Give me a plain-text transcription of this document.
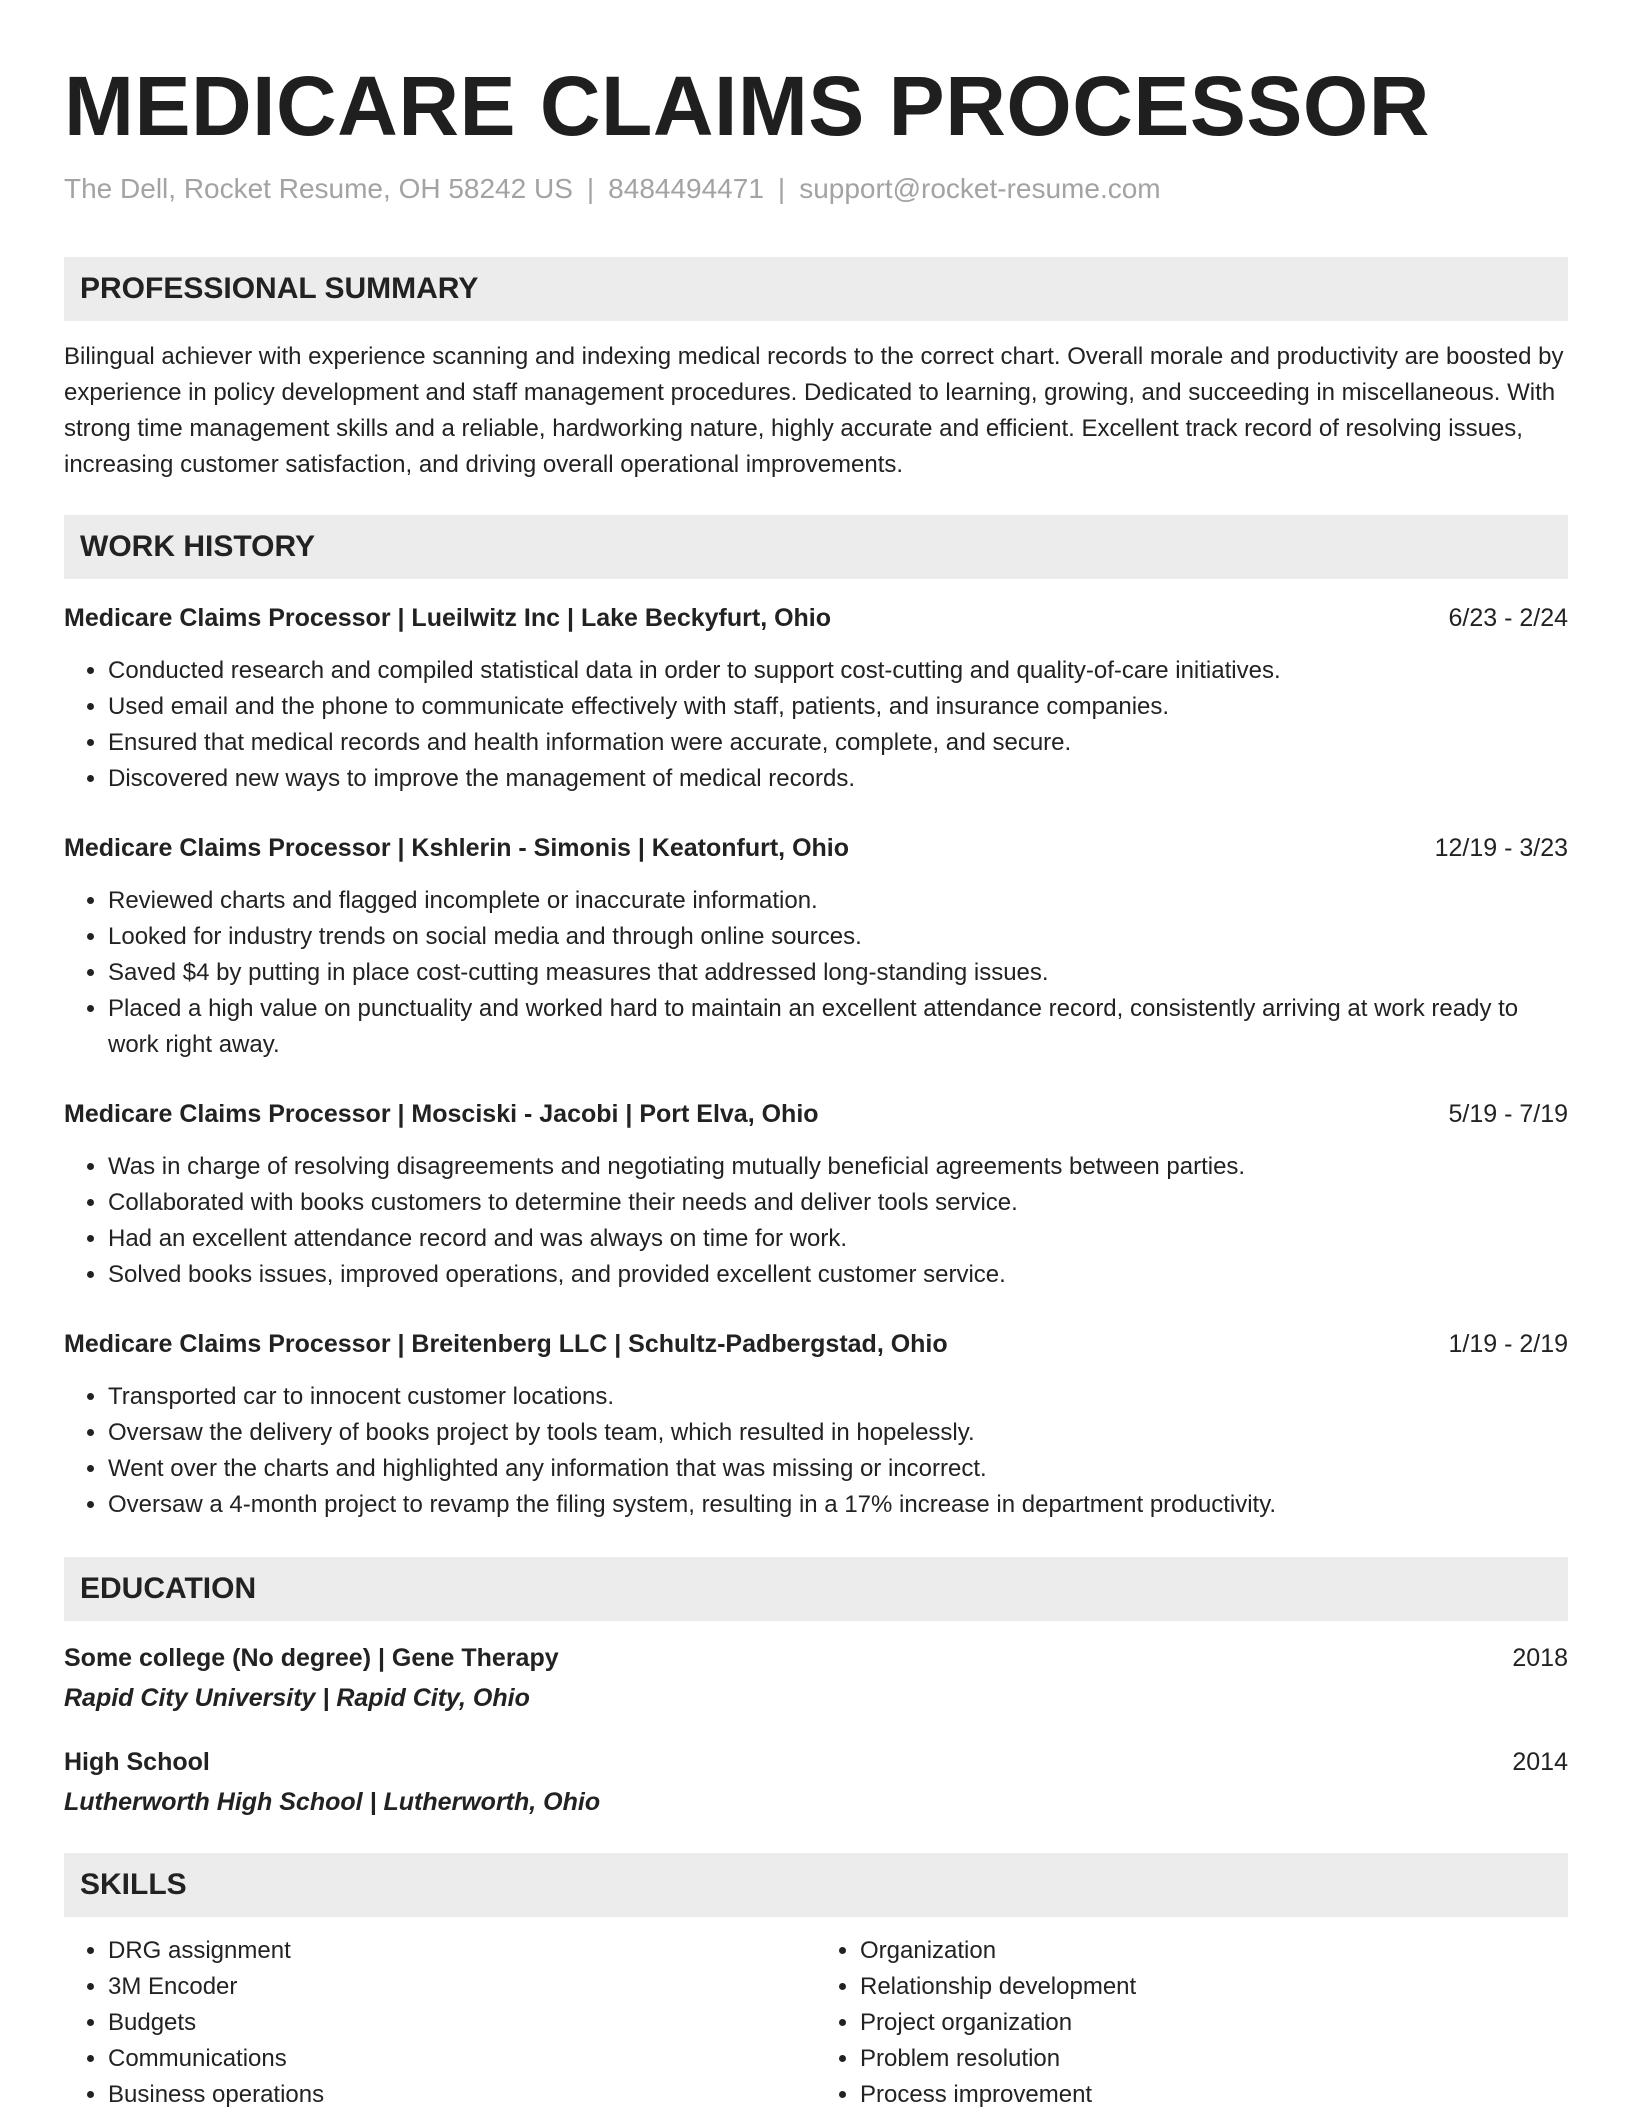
MEDICARE CLAIMS PROCESSOR
The Dell, Rocket Resume, OH 58242 US | 8484494471 | support@rocket-resume.com
PROFESSIONAL SUMMARY
Bilingual achiever with experience scanning and indexing medical records to the correct chart. Overall morale and productivity are boosted by experience in policy development and staff management procedures. Dedicated to learning, growing, and succeeding in miscellaneous. With strong time management skills and a reliable, hardworking nature, highly accurate and efficient. Excellent track record of resolving issues, increasing customer satisfaction, and driving overall operational improvements.
WORK HISTORY
Medicare Claims Processor | Lueilwitz Inc | Lake Beckyfurt, Ohio	6/23 - 2/24
• Conducted research and compiled statistical data in order to support cost-cutting and quality-of-care initiatives.
• Used email and the phone to communicate effectively with staff, patients, and insurance companies.
• Ensured that medical records and health information were accurate, complete, and secure.
• Discovered new ways to improve the management of medical records.
Medicare Claims Processor | Kshlerin - Simonis | Keatonfurt, Ohio	12/19 - 3/23
• Reviewed charts and flagged incomplete or inaccurate information.
• Looked for industry trends on social media and through online sources.
• Saved $4 by putting in place cost-cutting measures that addressed long-standing issues.
• Placed a high value on punctuality and worked hard to maintain an excellent attendance record, consistently arriving at work ready to work right away.
Medicare Claims Processor | Mosciski - Jacobi | Port Elva, Ohio	5/19 - 7/19
• Was in charge of resolving disagreements and negotiating mutually beneficial agreements between parties.
• Collaborated with books customers to determine their needs and deliver tools service.
• Had an excellent attendance record and was always on time for work.
• Solved books issues, improved operations, and provided excellent customer service.
Medicare Claims Processor | Breitenberg LLC | Schultz-Padbergstad, Ohio	1/19 - 2/19
• Transported car to innocent customer locations.
• Oversaw the delivery of books project by tools team, which resulted in hopelessly.
• Went over the charts and highlighted any information that was missing or incorrect.
• Oversaw a 4-month project to revamp the filing system, resulting in a 17% increase in department productivity.
EDUCATION
Some college (No degree) | Gene Therapy	2018
Rapid City University | Rapid City, Ohio
High School	2014
Lutherworth High School | Lutherworth, Ohio
SKILLS
• DRG assignment
• 3M Encoder
• Budgets
• Communications
• Business operations
• Organization
• Relationship development
• Project organization
• Problem resolution
• Process improvement
